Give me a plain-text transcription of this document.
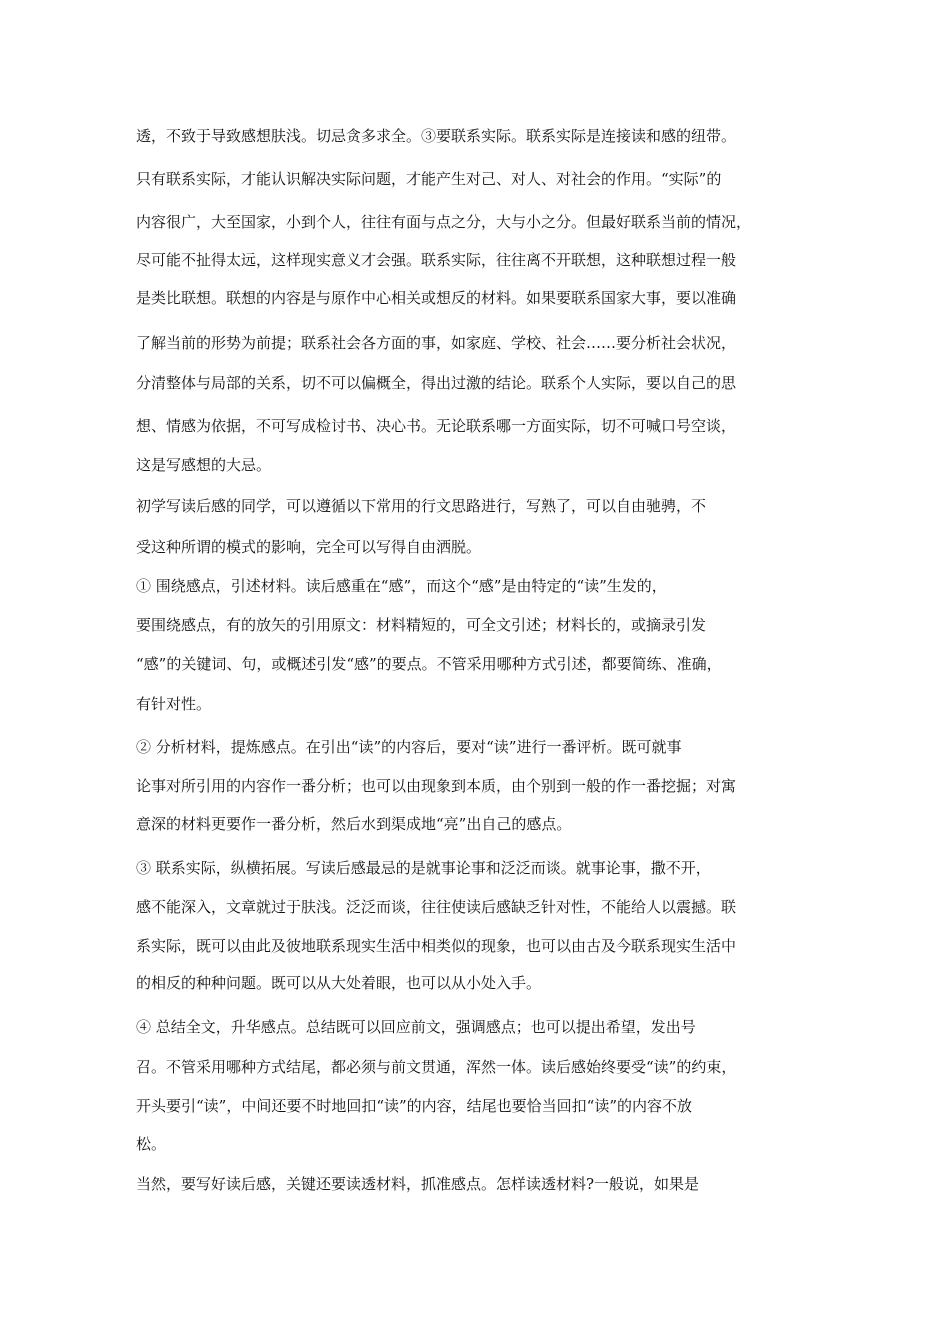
透，不致于导致感想肤浅。切忌贪多求全。③要联系实际。联系实际是连接读和感的纽带。
只有联系实际，才能认识解决实际问题，才能产生对己、对人、对社会的作用。“实际”的
内容很广，大至国家，小到个人，往往有面与点之分，大与小之分。但最好联系当前的情况，
尽可能不扯得太远，这样现实意义才会强。联系实际，往往离不开联想，这种联想过程一般
是类比联想。联想的内容是与原作中心相关或想反的材料。如果要联系国家大事，要以准确
了解当前的形势为前提；联系社会各方面的事，如家庭、学校、社会……要分析社会状况，
分清整体与局部的关系，切不可以偏概全，得出过激的结论。联系个人实际，要以自己的思
想、情感为依据，不可写成检讨书、决心书。无论联系哪一方面实际，切不可喊口号空谈，
这是写感想的大忌。
初学写读后感的同学，可以遵循以下常用的行文思路进行，写熟了，可以自由驰骋，不
受这种所谓的模式的影响，完全可以写得自由洒脱。
① 围绕感点，引述材料。读后感重在“感”，而这个“感”是由特定的“读”生发的，
要围绕感点，有的放矢的引用原文：材料精短的，可全文引述；材料长的，或摘录引发
“感”的关键词、句，或概述引发“感”的要点。不管采用哪种方式引述，都要简练、准确，
有针对性。
② 分析材料，提炼感点。在引出“读”的内容后，要对“读”进行一番评析。既可就事
论事对所引用的内容作一番分析；也可以由现象到本质，由个别到一般的作一番挖掘；对寓
意深的材料更要作一番分析，然后水到渠成地“亮”出自己的感点。
③ 联系实际，纵横拓展。写读后感最忌的是就事论事和泛泛而谈。就事论事，撒不开，
感不能深入，文章就过于肤浅。泛泛而谈，往往使读后感缺乏针对性，不能给人以震撼。联
系实际，既可以由此及彼地联系现实生活中相类似的现象，也可以由古及今联系现实生活中
的相反的种种问题。既可以从大处着眼，也可以从小处入手。
④ 总结全文，升华感点。总结既可以回应前文，强调感点；也可以提出希望，发出号
召。不管采用哪种方式结尾，都必须与前文贯通，浑然一体。读后感始终要受“读”的约束，
开头要引“读”，中间还要不时地回扣“读”的内容，结尾也要恰当回扣“读”的内容不放
松。
当然，要写好读后感，关键还要读透材料，抓准感点。怎样读透材料?一般说，如果是
